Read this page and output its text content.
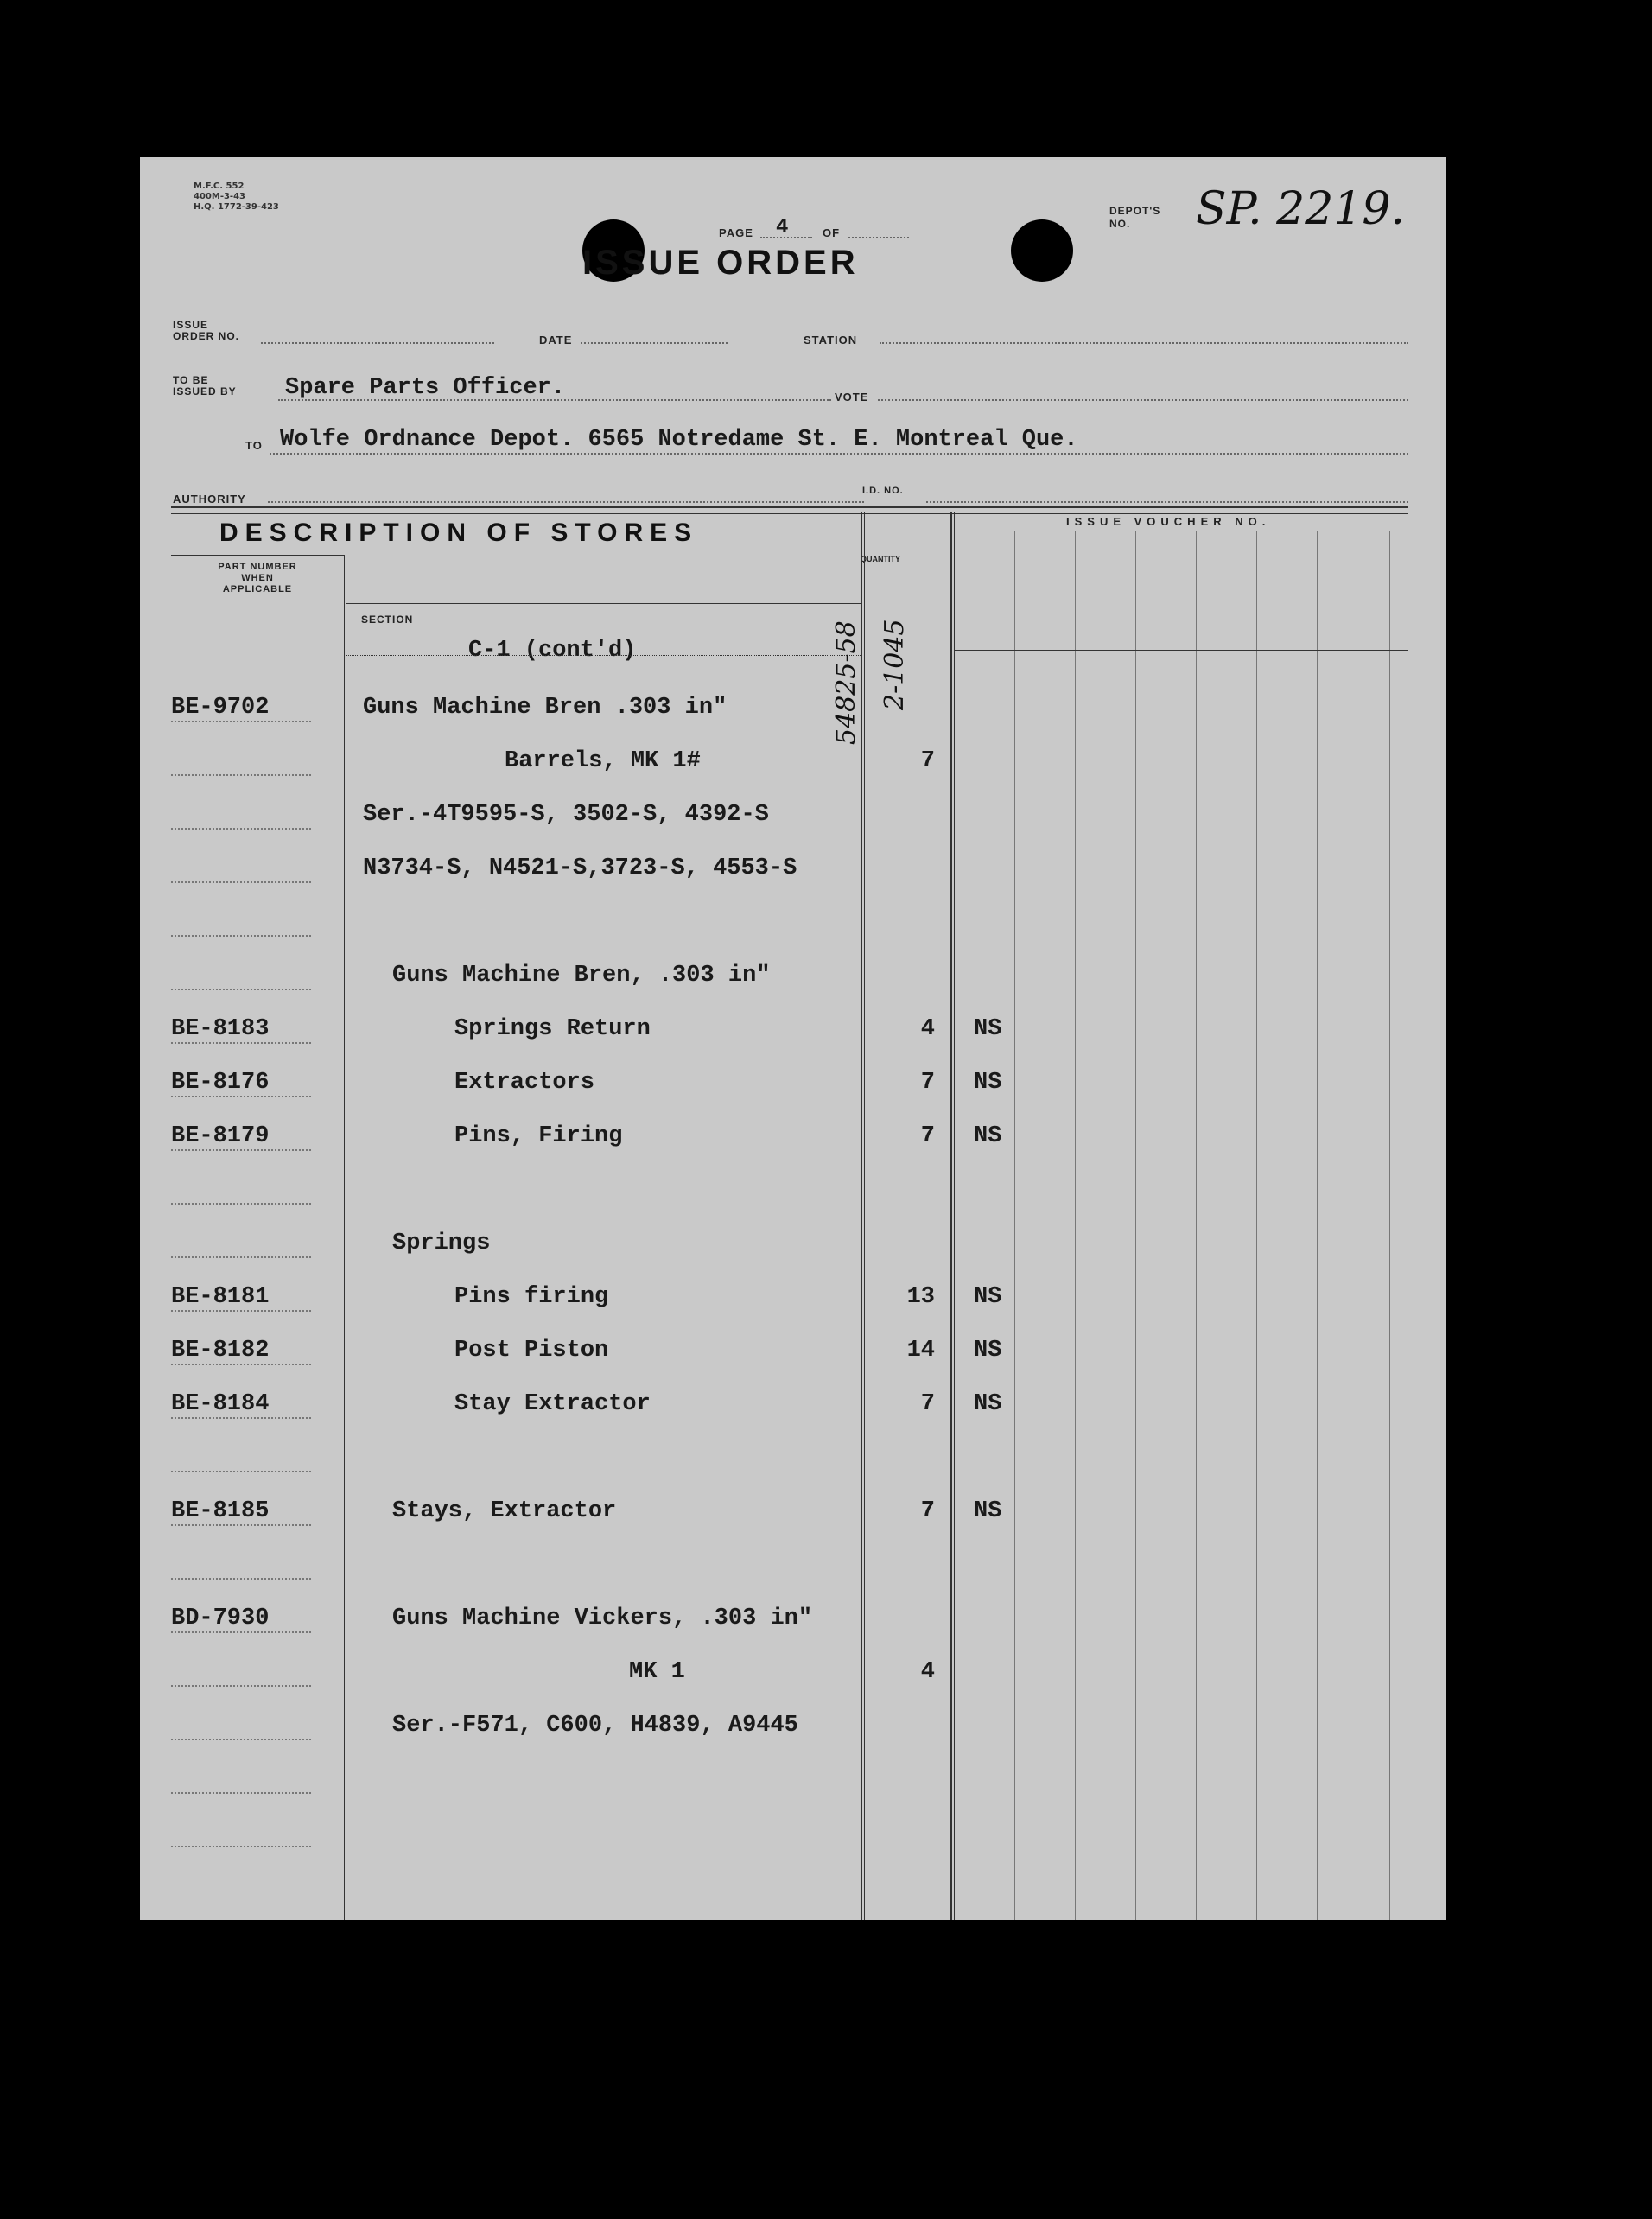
M.F.C. 552
400M-3-43
H.Q. 1772-39-423
PAGE 4	OF
ISSUE ORDER
DEPOT'S
NO. SP. 2219.
ISSUE
ORDER NO.	DATE	STATION
TO BE
ISSUED BY Spare Parts Officer.	VOTE
TO Wolfe Ordnance Depot. 6565 Notredame St. E. Montreal Que.
AUTHORITY
I.D. NO.
DESCRIPTION OF STORES	ISSUE VOUCHER NO.
PART NUMBER
WHEN
APPLICABLE
SECTION
QUANTITY
54825-58 2-1045
C-1 (cont'd)
BE-9702	Guns Machine Bren .303 in"
Barrels, MK 1#	7
Ser.-4T9595-S, 3502-S, 4392-S
N3734-S, N4521-S,3723-S, 4553-S
Guns Machine Bren, .303 in"
BE-8183	Springs Return	4 NS
BE-8176	Extractors	7 NS
BE-8179	Pins, Firing	7 NS
Springs
BE-8181	Pins firing	13 NS
BE-8182	Post Piston	14 NS
BE-8184	Stay Extractor	7 NS
BE-8185	Stays, Extractor	7 NS
BD-7930	Guns Machine Vickers, .303 in"
MK 1	4
Ser.-F571, C600, H4839, A9445
